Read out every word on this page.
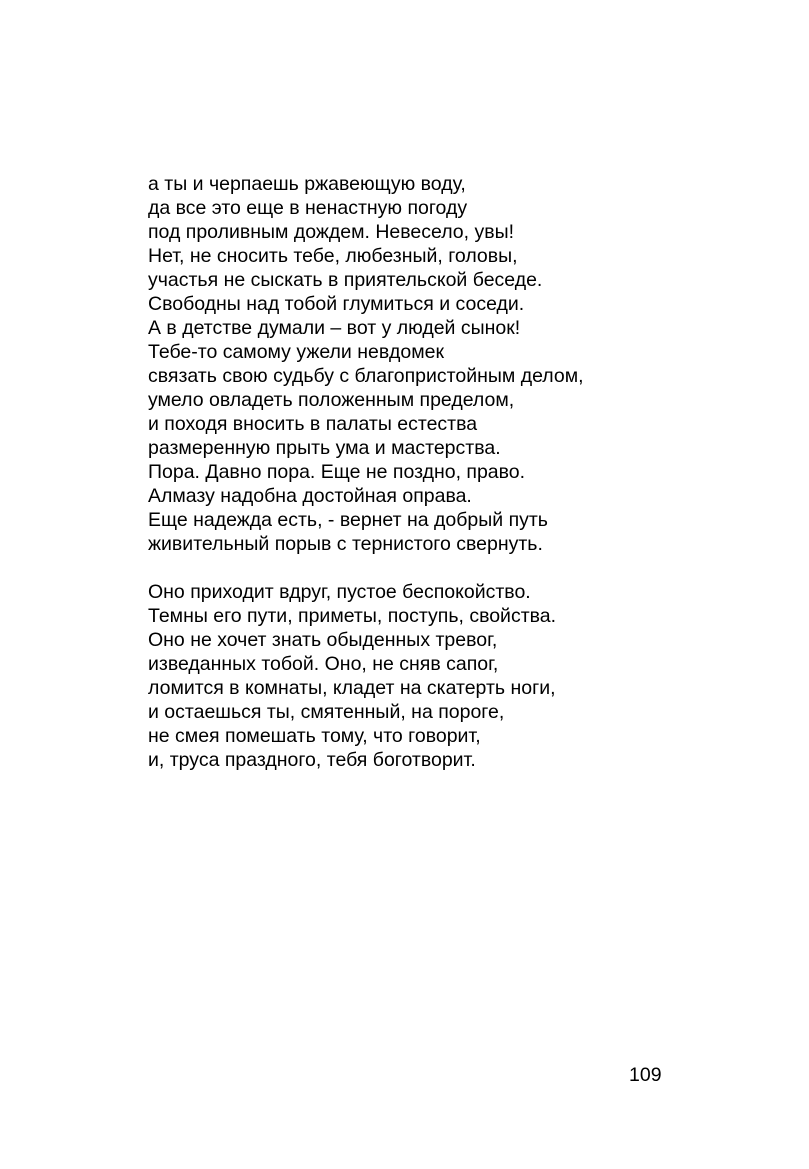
а ты и черпаешь ржавеющую воду,
да все это еще в ненастную погоду
под проливным дождем. Невесело, увы!
Нет, не сносить тебе, любезный, головы,
участья не сыскать в приятельской беседе.
Свободны над тобой глумиться и соседи.
А в детстве думали – вот у людей сынок!
Тебе-то самому ужели невдомек
связать свою судьбу с благопристойным делом,
умело овладеть положенным пределом,
и походя вносить в палаты естества
размеренную прыть ума и мастерства.
Пора. Давно пора. Еще не поздно, право.
Алмазу надобна достойная оправа.
Еще надежда есть, - вернет на добрый путь
живительный порыв с тернистого свернуть.
Оно приходит вдруг, пустое беспокойство.
Темны его пути, приметы, поступь, свойства.
Оно не хочет знать обыденных тревог,
изведанных тобой. Оно, не сняв сапог,
ломится в комнаты, кладет на скатерть ноги,
и остаешься ты, смятенный, на пороге,
не смея помешать тому, что говорит,
и, труса праздного, тебя боготворит.
109
